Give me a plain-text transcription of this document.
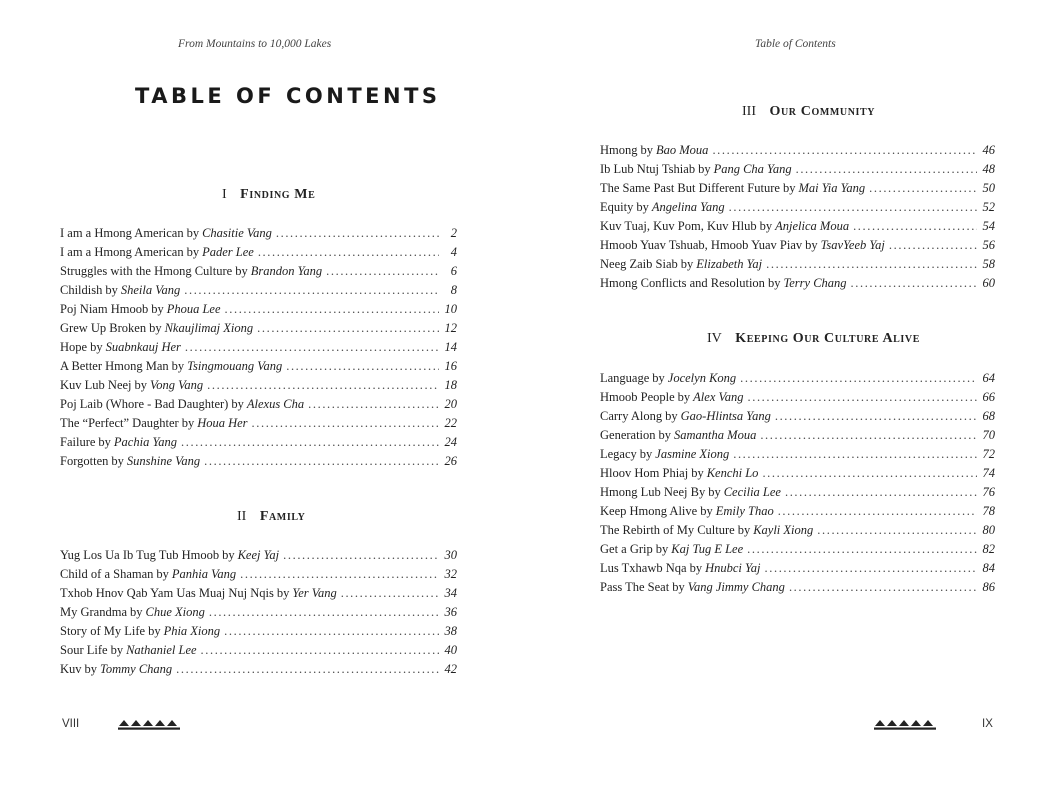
From Mountains to 10,000 Lakes
TABLE OF CONTENTS
I Finding Me
I am a Hmong American by Chasitie Vang .....	2
I am a Hmong American by Pader Lee .....	4
Struggles with the Hmong Culture by Brandon Yang .....	6
Childish by Sheila Vang .....	8
Poj Niam Hmoob by Phoua Lee .....	10
Grew Up Broken by Nkaujlimaj Xiong .....	12
Hope by Suabnkauj Her .....	14
A Better Hmong Man by Tsingmouang Vang .....	16
Kuv Lub Neej by Vong Vang .....	18
Poj Laib (Whore - Bad Daughter) by Alexus Cha .....	20
The “Perfect” Daughter by Houa Her .....	22
Failure by Pachia Yang .....	24
Forgotten by Sunshine Vang .....	26
II Family
Yug Los Ua Ib Tug Tub Hmoob by Keej Yaj .....	30
Child of a Shaman by Panhia Vang .....	32
Txhob Hnov Qab Yam Uas Muaj Nuj Nqis by Yer Vang .....	34
My Grandma by Chue Xiong .....	36
Story of My Life by Phia Xiong .....	38
Sour Life by Nathaniel Lee .....	40
Kuv by Tommy Chang .....	42
VIII
Table of Contents
III Our Community
Hmong by Bao Moua .....	46
Ib Lub Ntuj Tshiab by Pang Cha Yang .....	48
The Same Past But Different Future by Mai Yia Yang .....	50
Equity by Angelina Yang .....	52
Kuv Tuaj, Kuv Pom, Kuv Hlub by Anjelica Moua .....	54
Hmoob Yuav Tshuab, Hmoob Yuav Piav by TsavYeeb Yaj .....	56
Neeg Zaib Siab by Elizabeth Yaj .....	58
Hmong Conflicts and Resolution by Terry Chang .....	60
IV Keeping Our Culture Alive
Language by Jocelyn Kong .....	64
Hmoob People by Alex Vang .....	66
Carry Along by Gao-Hlintsa Yang .....	68
Generation by Samantha Moua .....	70
Legacy by Jasmine Xiong .....	72
Hloov Hom Phiaj by Kenchi Lo .....	74
Hmong Lub Neej By by Cecilia Lee .....	76
Keep Hmong Alive by Emily Thao .....	78
The Rebirth of My Culture by Kayli Xiong .....	80
Get a Grip by Kaj Tug E Lee .....	82
Lus Txhawb Nqa by Hnubci Yaj .....	84
Pass The Seat by Vang Jimmy Chang .....	86
IX
